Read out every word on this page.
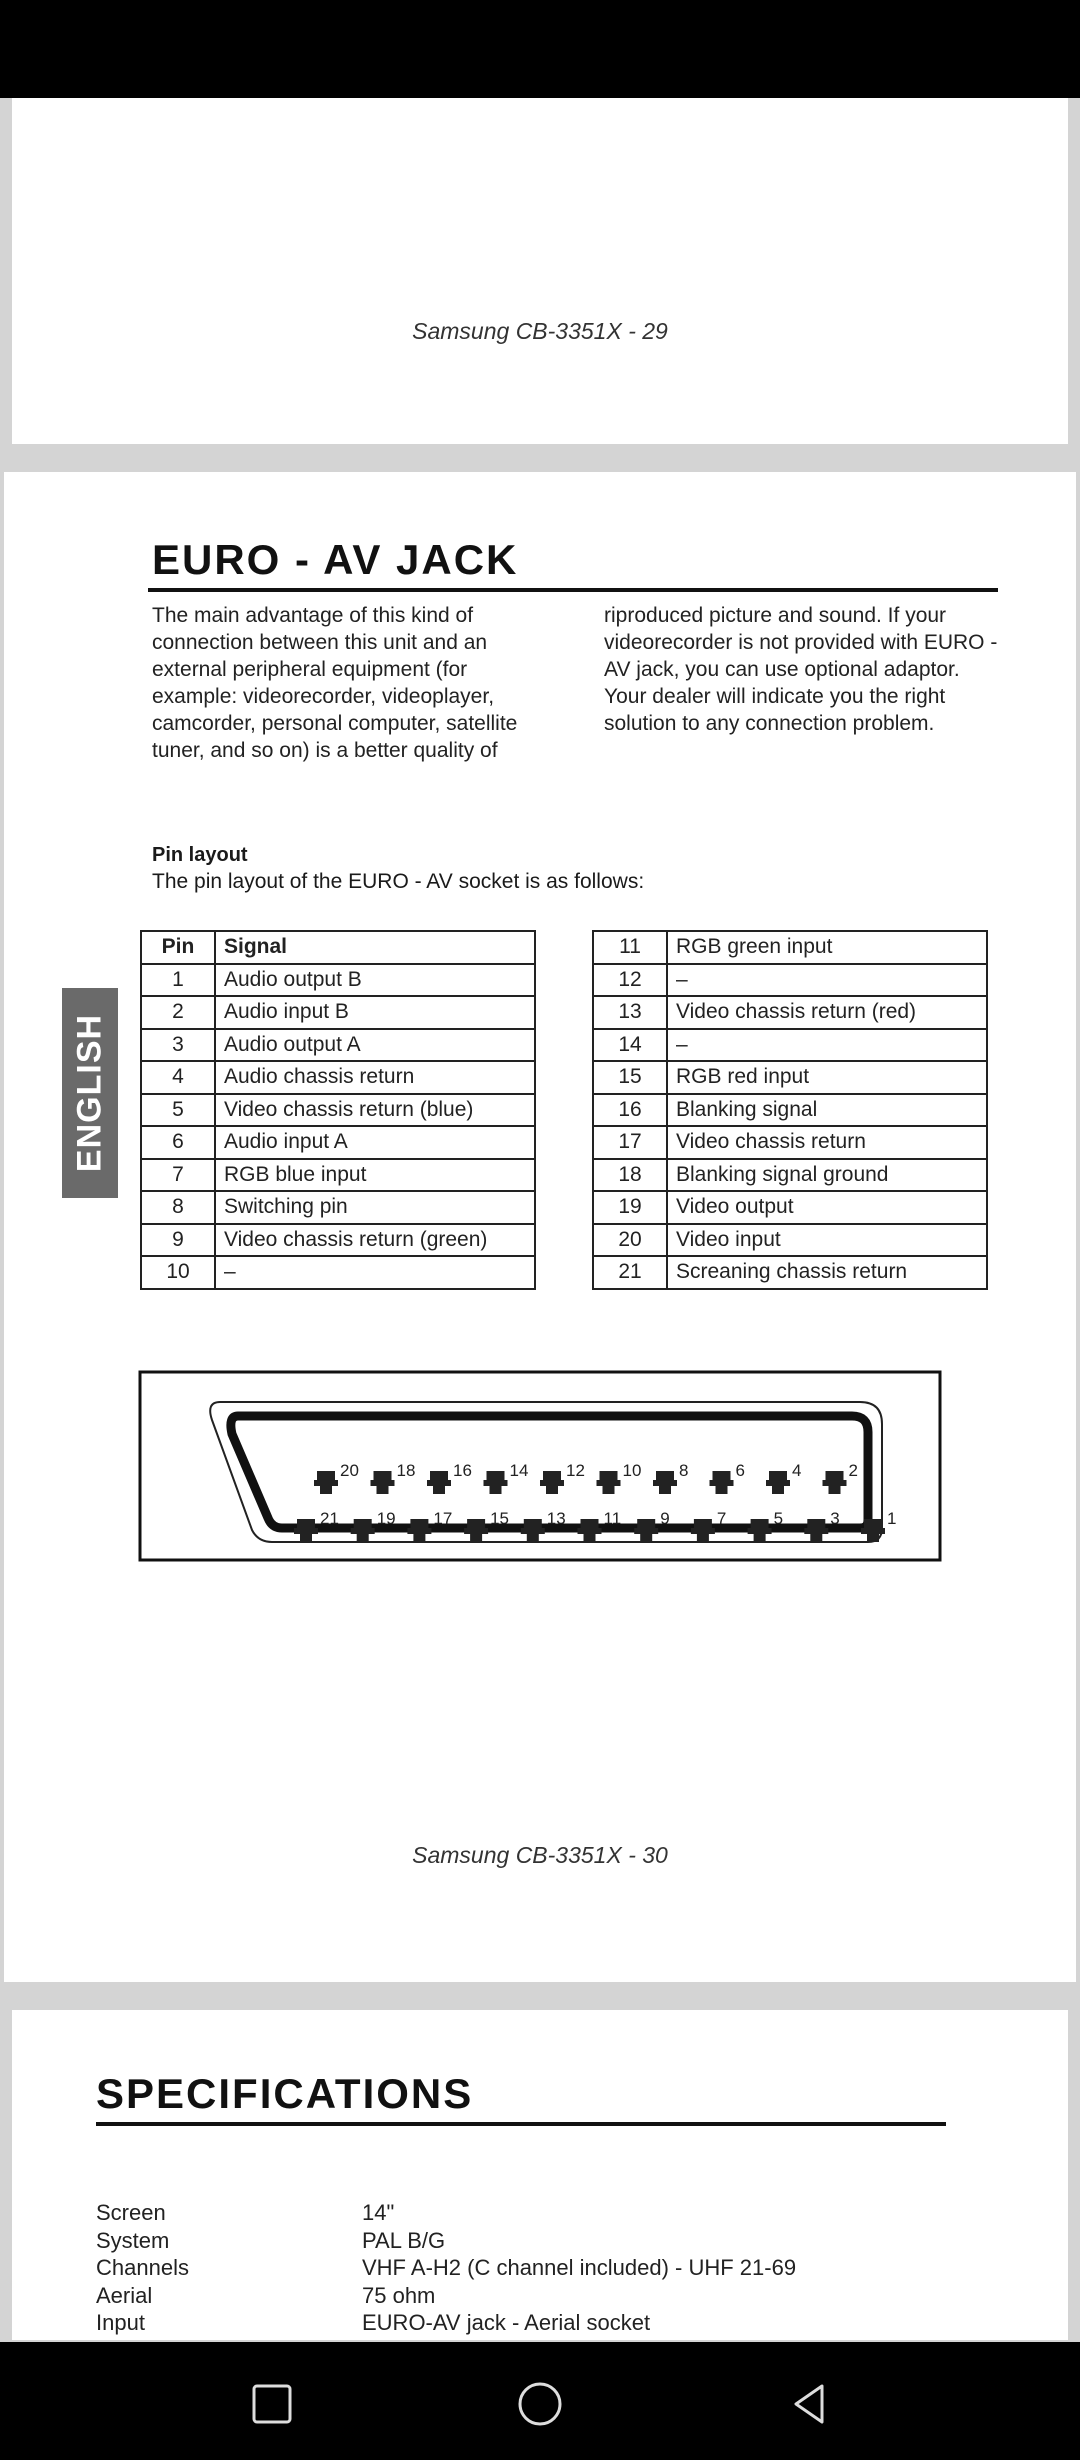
Samsung CB-3351X - 29
EURO - AV JACK
The main advantage of this kind of connection between this unit and an external peripheral equipment (for example: videorecorder, videoplayer, camcorder, personal computer, satellite tuner, and so on) is a better quality of
riproduced picture and sound. If your videorecorder is not provided with EURO - AV jack, you can use optional adaptor. Your dealer will indicate you the right solution to any connection problem.
Pin layout
The pin layout of the EURO - AV socket is as follows:
ENGLISH
Pin	Signal
1	Audio output B
2	Audio input B
3	Audio output A
4	Audio chassis return
5	Video chassis return (blue)
6	Audio input A
7	RGB blue input
8	Switching pin
9	Video chassis return (green)
10	–
11	RGB green input
12	–
13	Video chassis return (red)
14	–
15	RGB red input
16	Blanking signal
17	Video chassis return
18	Blanking signal ground
19	Video output
20	Video input
21	Screaning chassis return
20 18 16 14 12 10 8	6	4	2
21 19 17 15 13 11 9	7	5	3	1
Samsung CB-3351X - 30
SPECIFICATIONS
Screen	14"
System	PAL B/G
Channels	VHF A-H2 (C channel included) - UHF 21-69
Aerial	75 ohm
Input	EURO-AV jack - Aerial socket
